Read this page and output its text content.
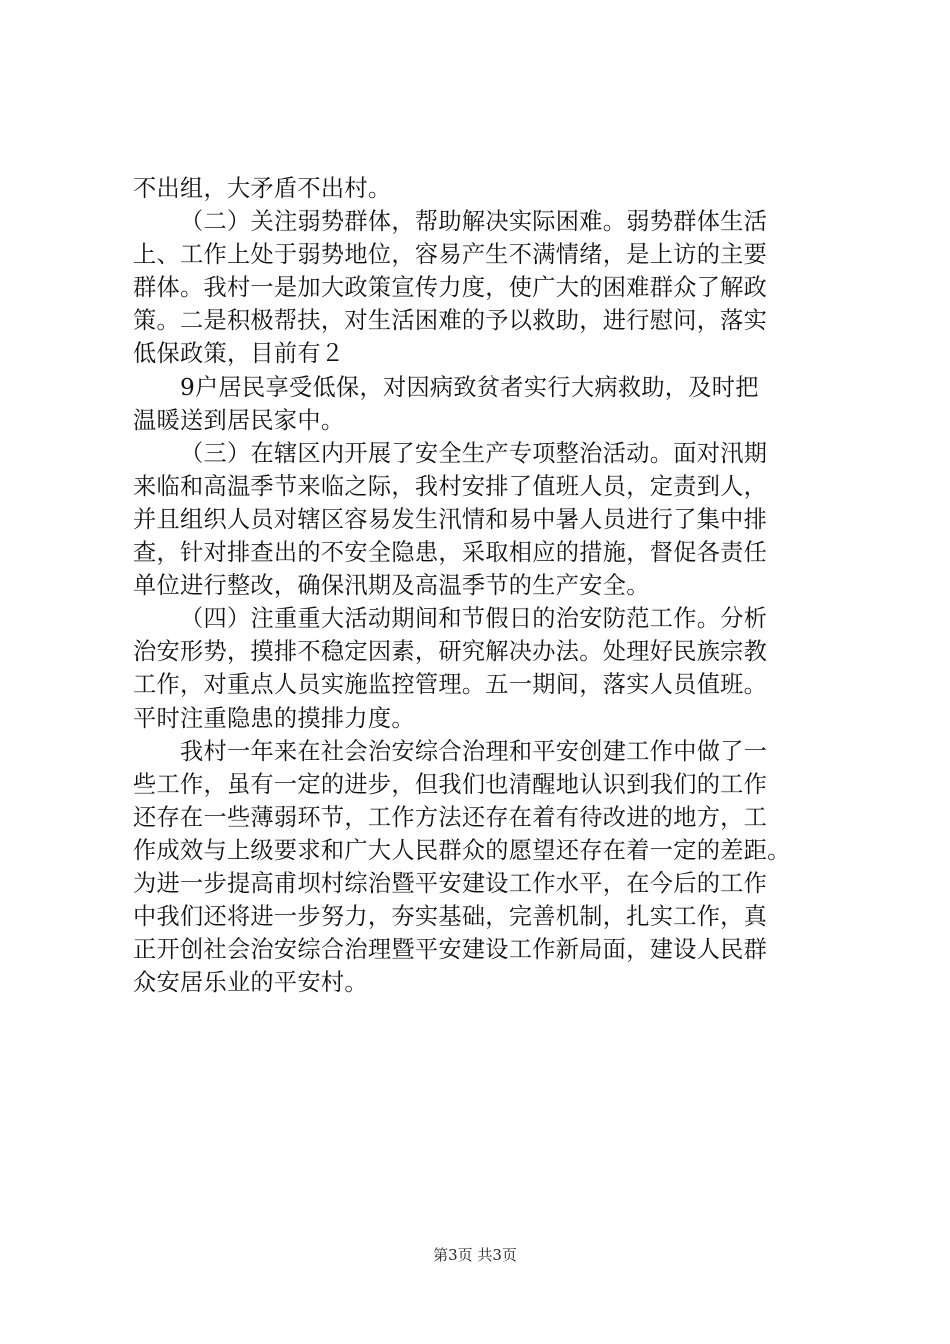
不出组，大矛盾不出村。
（二）关注弱势群体，帮助解决实际困难。弱势群体生活
上、工作上处于弱势地位，容易产生不满情绪，是上访的主要
群体。我村一是加大政策宣传力度，使广大的困难群众了解政
策。二是积极帮扶，对生活困难的予以救助，进行慰问，落实
低保政策，目前有２
9户居民享受低保，对因病致贫者实行大病救助，及时把
温暖送到居民家中。
（三）在辖区内开展了安全生产专项整治活动。面对汛期
来临和高温季节来临之际，我村安排了值班人员，定责到人，
并且组织人员对辖区容易发生汛情和易中暑人员进行了集中排
查，针对排查出的不安全隐患，采取相应的措施，督促各责任
单位进行整改，确保汛期及高温季节的生产安全。
（四）注重重大活动期间和节假日的治安防范工作。分析
治安形势，摸排不稳定因素，研究解决办法。处理好民族宗教
工作，对重点人员实施监控管理。五一期间，落实人员值班。
平时注重隐患的摸排力度。
我村一年来在社会治安综合治理和平安创建工作中做了一
些工作，虽有一定的进步，但我们也清醒地认识到我们的工作
还存在一些薄弱环节，工作方法还存在着有待改进的地方，工
作成效与上级要求和广大人民群众的愿望还存在着一定的差距。
为进一步提高甫坝村综治暨平安建设工作水平，在今后的工作
中我们还将进一步努力，夯实基础，完善机制，扎实工作，真
正开创社会治安综合治理暨平安建设工作新局面，建设人民群
众安居乐业的平安村。
第3页 共3页
